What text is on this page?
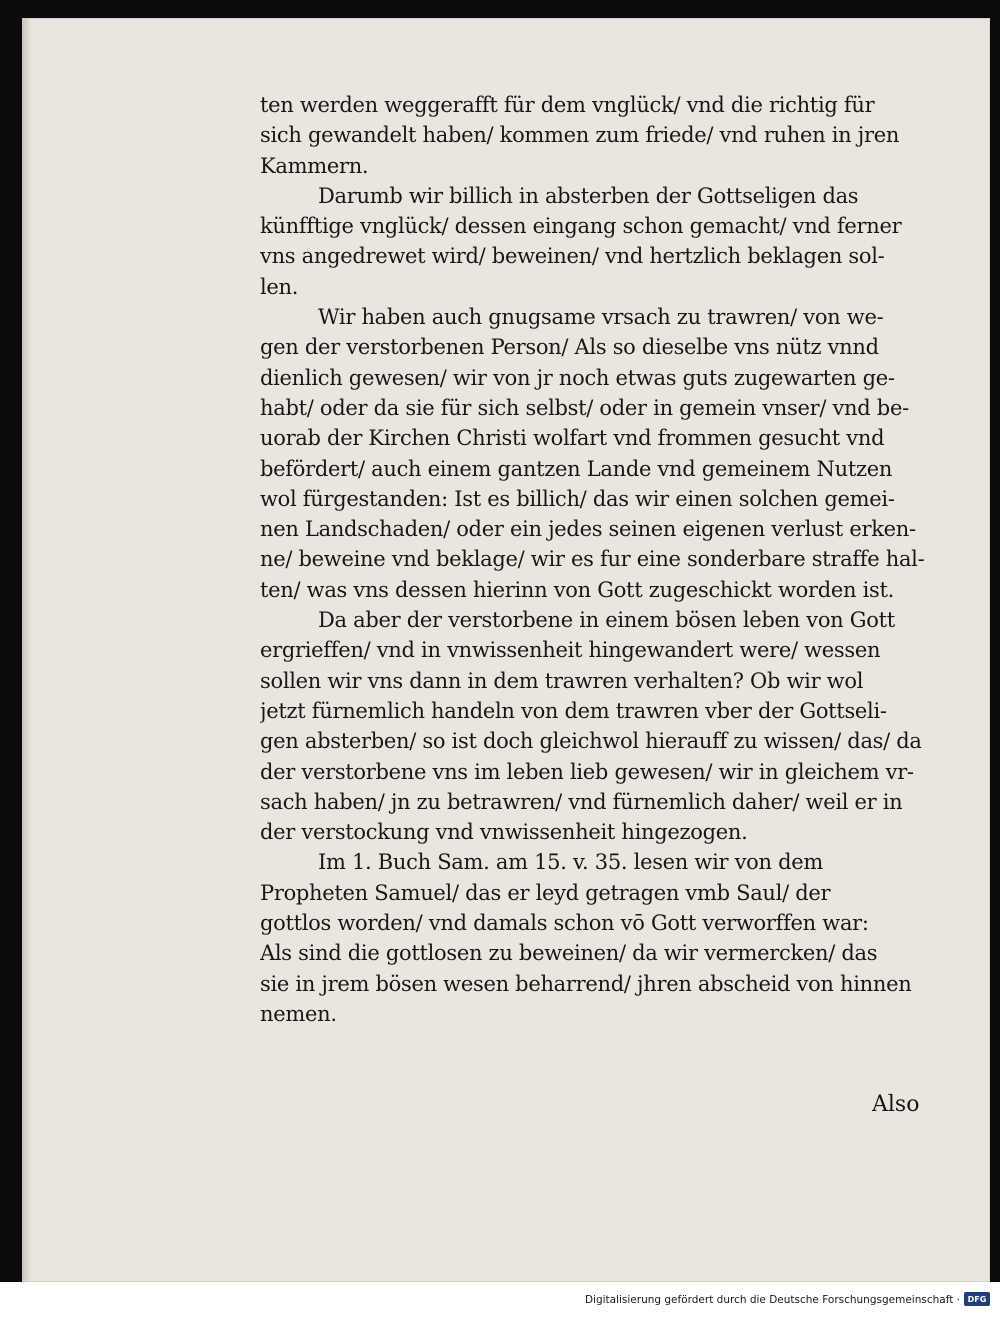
ten werden weggerafft für dem vnglück/ vnd die richtig für
sich gewandelt haben/ kommen zum friede/ vnd ruhen in jren
Kammern.
Darumb wir billich in absterben der Gottseligen das
künfftige vnglück/ dessen eingang schon gemacht/ vnd ferner
vns angedrewet wird/ beweinen/ vnd hertzlich beklagen sol-
len.
Wir haben auch gnugsame vrsach zu trawren/ von we-
gen der verstorbenen Person/ Als so dieselbe vns nütz vnnd
dienlich gewesen/ wir von jr noch etwas guts zugewarten ge-
habt/ oder da sie für sich selbst/ oder in gemein vnser/ vnd be-
uorab der Kirchen Christi wolfart vnd frommen gesucht vnd
befördert/ auch einem gantzen Lande vnd gemeinem Nutzen
wol fürgestanden: Ist es billich/ das wir einen solchen gemei-
nen Landschaden/ oder ein jedes seinen eigenen verlust erken-
ne/ beweine vnd beklage/ wir es fur eine sonderbare straffe hal-
ten/ was vns dessen hierinn von Gott zugeschickt worden ist.
Da aber der verstorbene in einem bösen leben von Gott
ergrieffen/ vnd in vnwissenheit hingewandert were/ wessen
sollen wir vns dann in dem trawren verhalten? Ob wir wol
jetzt fürnemlich handeln von dem trawren vber der Gottseli-
gen absterben/ so ist doch gleichwol hierauff zu wissen/ das/ da
der verstorbene vns im leben lieb gewesen/ wir in gleichem vr-
sach haben/ jn zu betrawren/ vnd fürnemlich daher/ weil er in
der verstockung vnd vnwissenheit hingezogen.
Im 1. Buch Sam. am 15. v. 35. lesen wir von dem
Propheten Samuel/ das er leyd getragen vmb Saul/ der
gottlos worden/ vnd damals schon vō Gott verworffen war:
Als sind die gottlosen zu beweinen/ da wir vermercken/ das
sie in jrem bösen wesen beharrend/ jhren abscheid von hinnen
nemen.
Also
Digitalisierung gefördert durch die Deutsche Forschungsgemeinschaft · DFG
